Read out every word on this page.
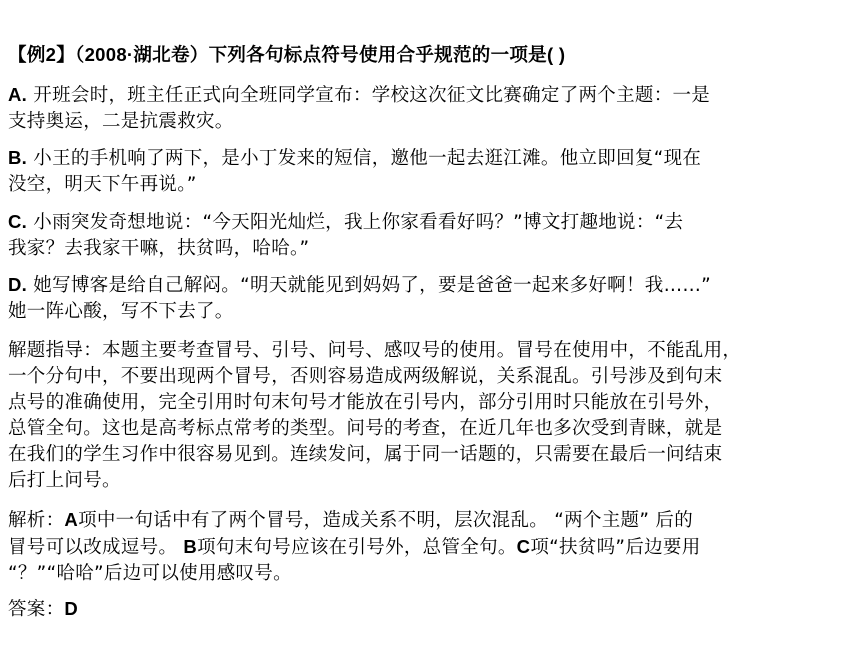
【例2】（2008·湖北卷）下列各句标点符号使用合乎规范的一项是( )

A. 开班会时，班主任正式向全班同学宣布：学校这次征文比赛确定了两个主题：一是
支持奥运，二是抗震救灾。

B. 小王的手机响了两下，是小丁发来的短信，邀他一起去逛江滩。他立即回复“现在
没空，明天下午再说。”

C. 小雨突发奇想地说：“今天阳光灿烂，我上你家看看好吗？”博文打趣地说：“去
我家？去我家干嘛，扶贫吗，哈哈。”

D. 她写博客是给自己解闷。“明天就能见到妈妈了，要是爸爸一起来多好啊！我……”
她一阵心酸，写不下去了。

解题指导：本题主要考查冒号、引号、问号、感叹号的使用。冒号在使用中，不能乱用，
一个分句中，不要出现两个冒号，否则容易造成两级解说，关系混乱。引号涉及到句末
点号的准确使用，完全引用时句末句号才能放在引号内，部分引用时只能放在引号外，
总管全句。这也是高考标点常考的类型。问号的考查，在近几年也多次受到青睐，就是
在我们的学生习作中很容易见到。连续发问，属于同一话题的，只需要在最后一问结束
后打上问号。

解析：A项中一句话中有了两个冒号，造成关系不明，层次混乱。 “两个主题” 后的
冒号可以改成逗号。 B项句末句号应该在引号外，总管全句。C项“扶贫吗”后边要用
“？”“哈哈”后边可以使用感叹号。

答案：D
